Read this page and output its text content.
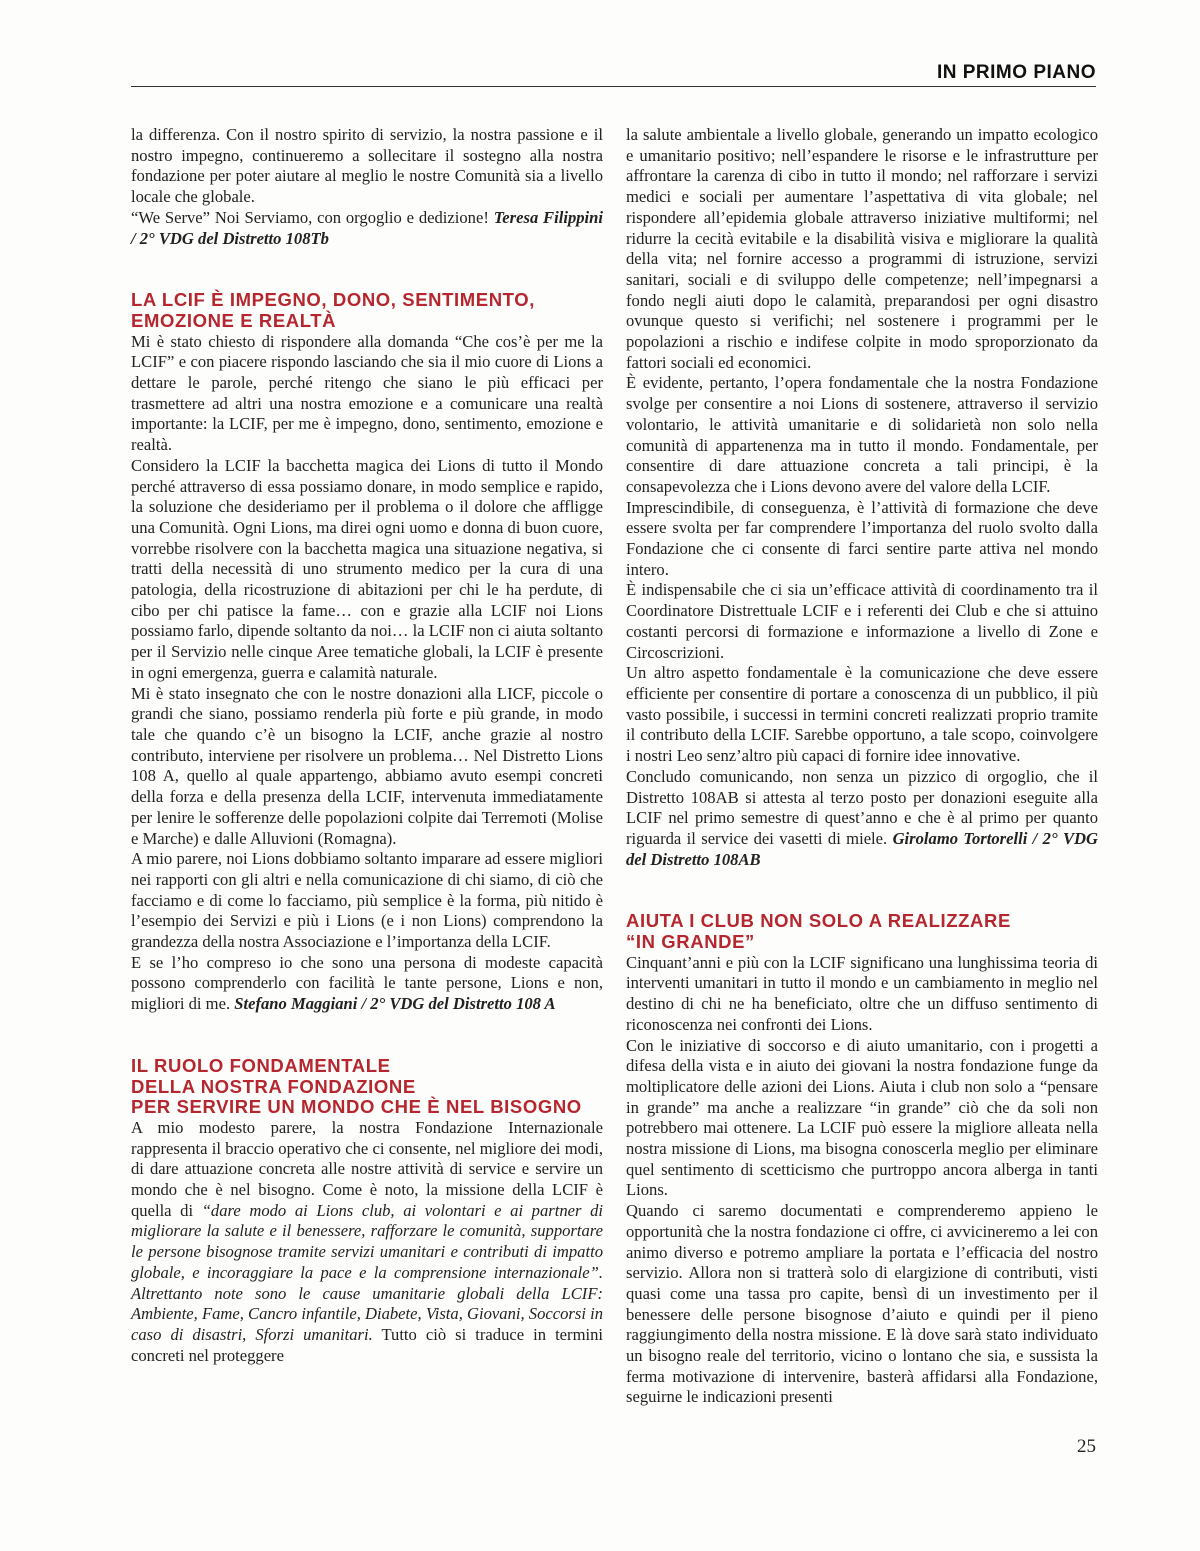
IN PRIMO PIANO

la differenza. Con il nostro spirito di servizio, la nostra passione e il nostro impegno, continueremo a sollecitare il sostegno alla nostra fondazione per poter aiutare al meglio le nostre Comunità sia a livello locale che globale.
“We Serve” Noi Serviamo, con orgoglio e dedizione! Teresa Filippini / 2° VDG del Distretto 108Tb

LA LCIF È IMPEGNO, DONO, SENTIMENTO, EMOZIONE E REALTÀ

Mi è stato chiesto di rispondere alla domanda “Che cos’è per me la LCIF” e con piacere rispondo lasciando che sia il mio cuore di Lions a dettare le parole, perché ritengo che siano le più efficaci per trasmettere ad altri una nostra emozione e a comunicare una realtà importante: la LCIF, per me è impegno, dono, sentimento, emozione e realtà.

Considero la LCIF la bacchetta magica dei Lions di tutto il Mondo perché attraverso di essa possiamo donare, in modo semplice e rapido, la soluzione che desideriamo per il problema o il dolore che affligge una Comunità. Ogni Lions, ma direi ogni uomo e donna di buon cuore, vorrebbe risolvere con la bacchetta magica una situazione negativa, si tratti della necessità di uno strumento medico per la cura di una patologia, della ricostruzione di abitazioni per chi le ha perdute, di cibo per chi patisce la fame… con e grazie alla LCIF noi Lions possiamo farlo, dipende soltanto da noi… la LCIF non ci aiuta soltanto per il Servizio nelle cinque Aree tematiche globali, la LCIF è presente in ogni emergenza, guerra e calamità naturale.

Mi è stato insegnato che con le nostre donazioni alla LICF, piccole o grandi che siano, possiamo renderla più forte e più grande, in modo tale che quando c’è un bisogno la LCIF, anche grazie al nostro contributo, interviene per risolvere un problema… Nel Distretto Lions 108 A, quello al quale appartengo, abbiamo avuto esempi concreti della forza e della presenza della LCIF, intervenuta immediatamente per lenire le sofferenze delle popolazioni colpite dai Terremoti (Molise e Marche) e dalle Alluvioni (Romagna).

A mio parere, noi Lions dobbiamo soltanto imparare ad essere migliori nei rapporti con gli altri e nella comunicazione di chi siamo, di ciò che facciamo e di come lo facciamo, più semplice è la forma, più nitido è l’esempio dei Servizi e più i Lions (e i non Lions) comprendono la grandezza della nostra Associazione e l’importanza della LCIF.

E se l’ho compreso io che sono una persona di modeste capacità possono comprenderlo con facilità le tante persone, Lions e non, migliori di me. Stefano Maggiani / 2° VDG del Distretto 108 A

IL RUOLO FONDAMENTALE
DELLA NOSTRA FONDAZIONE
PER SERVIRE UN MONDO CHE È NEL BISOGNO

A mio modesto parere, la nostra Fondazione Internazionale rappresenta il braccio operativo che ci consente, nel migliore dei modi, di dare attuazione concreta alle nostre attività di service e servire un mondo che è nel bisogno. Come è noto, la missione della LCIF è quella di “dare modo ai Lions club, ai volontari e ai partner di migliorare la salute e il benessere, rafforzare le comunità, supportare le persone bisognose tramite servizi umanitari e contributi di impatto globale, e incoraggiare la pace e la comprensione internazionale”. Altrettanto note sono le cause umanitarie globali della LCIF: Ambiente, Fame, Cancro infantile, Diabete, Vista, Giovani, Soccorsi in caso di disastri, Sforzi umanitari. Tutto ciò si traduce in termini concreti nel proteggere

la salute ambientale a livello globale, generando un impatto ecologico e umanitario positivo; nell’espandere le risorse e le infrastrutture per affrontare la carenza di cibo in tutto il mondo; nel rafforzare i servizi medici e sociali per aumentare l’aspettativa di vita globale; nel rispondere all’epidemia globale attraverso iniziative multiformi; nel ridurre la cecità evitabile e la disabilità visiva e migliorare la qualità della vita; nel fornire accesso a programmi di istruzione, servizi sanitari, sociali e di sviluppo delle competenze; nell’impegnarsi a fondo negli aiuti dopo le calamità, preparandosi per ogni disastro ovunque questo si verifichi; nel sostenere i programmi per le popolazioni a rischio e indifese colpite in modo sproporzionato da fattori sociali ed economici.

È evidente, pertanto, l’opera fondamentale che la nostra Fondazione svolge per consentire a noi Lions di sostenere, attraverso il servizio volontario, le attività umanitarie e di solidarietà non solo nella comunità di appartenenza ma in tutto il mondo. Fondamentale, per consentire di dare attuazione concreta a tali principi, è la consapevolezza che i Lions devono avere del valore della LCIF.

Imprescindibile, di conseguenza, è l’attività di formazione che deve essere svolta per far comprendere l’importanza del ruolo svolto dalla Fondazione che ci consente di farci sentire parte attiva nel mondo intero.

È indispensabile che ci sia un’efficace attività di coordinamento tra il Coordinatore Distrettuale LCIF e i referenti dei Club e che si attuino costanti percorsi di formazione e informazione a livello di Zone e Circoscrizioni.

Un altro aspetto fondamentale è la comunicazione che deve essere efficiente per consentire di portare a conoscenza di un pubblico, il più vasto possibile, i successi in termini concreti realizzati proprio tramite il contributo della LCIF. Sarebbe opportuno, a tale scopo, coinvolgere i nostri Leo senz’altro più capaci di fornire idee innovative.

Concludo comunicando, non senza un pizzico di orgoglio, che il Distretto 108AB si attesta al terzo posto per donazioni eseguite alla LCIF nel primo semestre di quest’anno e che è al primo per quanto riguarda il service dei vasetti di miele. Girolamo Tortorelli / 2° VDG del Distretto 108AB

AIUTA I CLUB NON SOLO A REALIZZARE
“IN GRANDE”

Cinquant’anni e più con la LCIF significano una lunghissima teoria di interventi umanitari in tutto il mondo e un cambiamento in meglio nel destino di chi ne ha beneficiato, oltre che un diffuso sentimento di riconoscenza nei confronti dei Lions.

Con le iniziative di soccorso e di aiuto umanitario, con i progetti a difesa della vista e in aiuto dei giovani la nostra fondazione funge da moltiplicatore delle azioni dei Lions. Aiuta i club non solo a “pensare in grande” ma anche a realizzare “in grande” ciò che da soli non potrebbero mai ottenere. La LCIF può essere la migliore alleata nella nostra missione di Lions, ma bisogna conoscerla meglio per eliminare quel sentimento di scetticismo che purtroppo ancora alberga in tanti Lions.

Quando ci saremo documentati e comprenderemo appieno le opportunità che la nostra fondazione ci offre, ci avvicineremo a lei con animo diverso e potremo ampliare la portata e l’efficacia del nostro servizio. Allora non si tratterà solo di elargizione di contributi, visti quasi come una tassa pro capite, bensì di un investimento per il benessere delle persone bisognose d’aiuto e quindi per il pieno raggiungimento della nostra missione. E là dove sarà stato individuato un bisogno reale del territorio, vicino o lontano che sia, e sussista la ferma motivazione di intervenire, basterà affidarsi alla Fondazione, seguirne le indicazioni presenti

25
